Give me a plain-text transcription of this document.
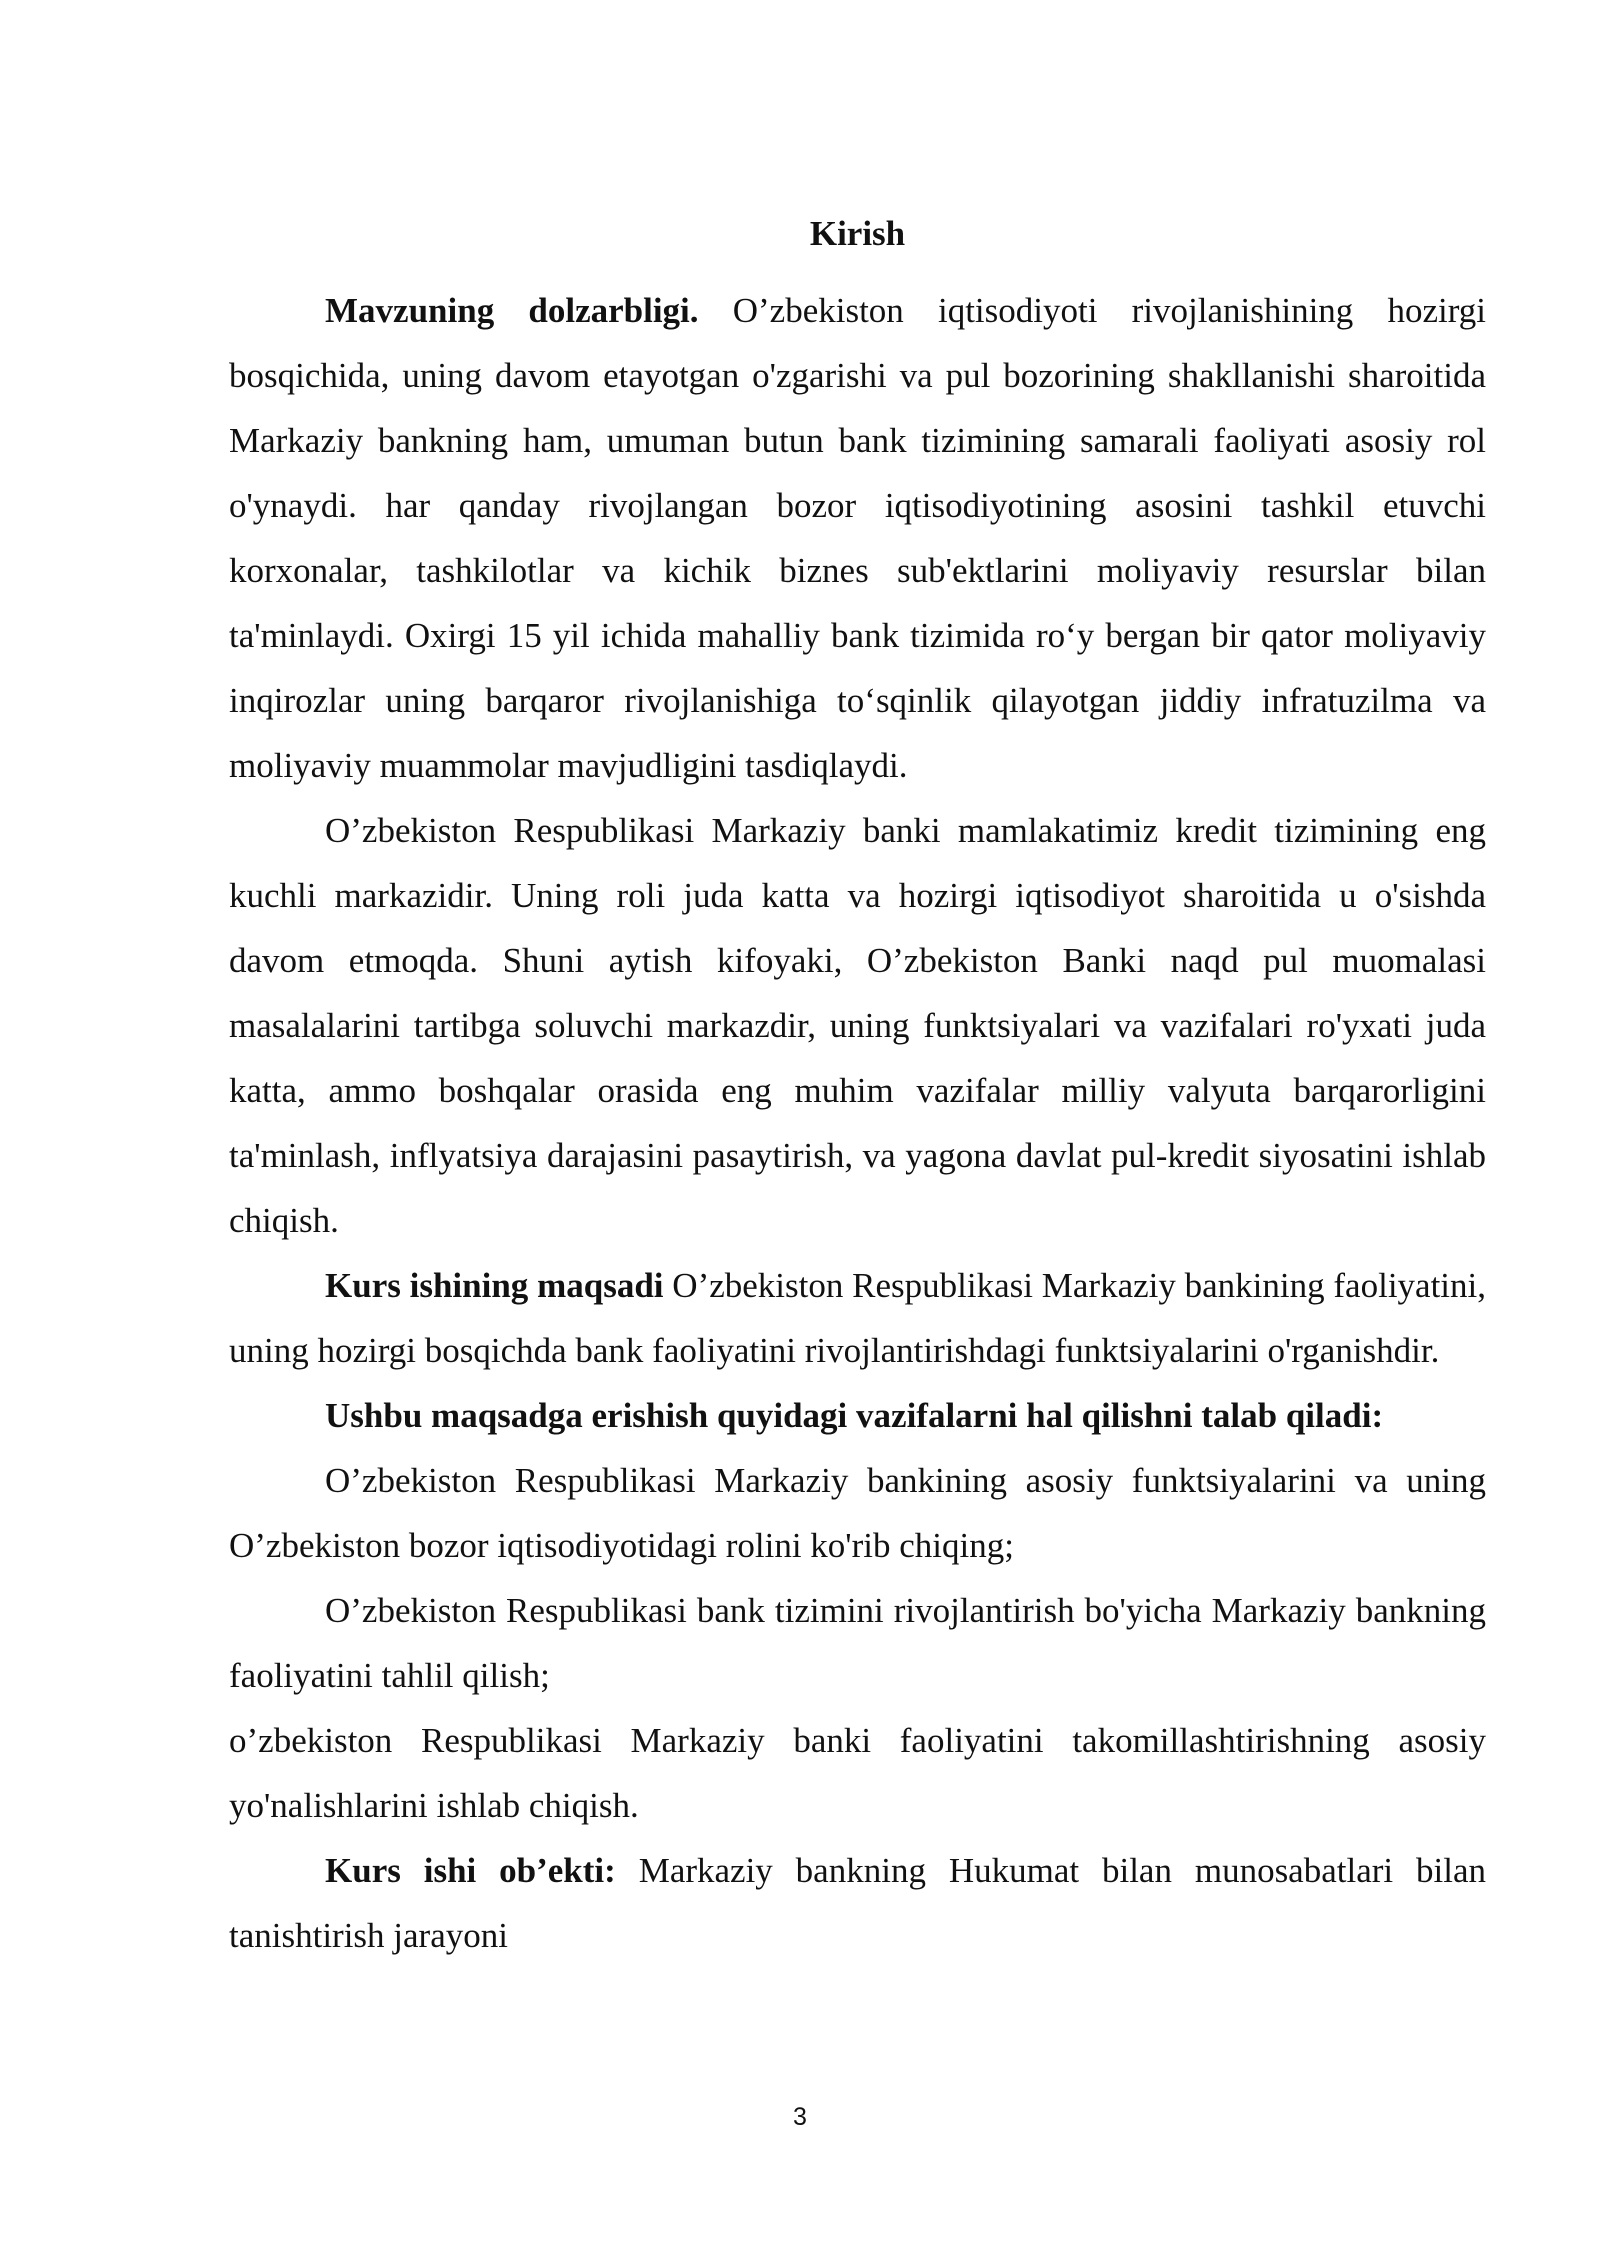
Kirish

Mavzuning dolzarbligi. O’zbekiston iqtisodiyoti rivojlanishining hozirgi bosqichida, uning davom etayotgan o'zgarishi va pul bozorining shakllanishi sharoitida Markaziy bankning ham, umuman butun bank tizimining samarali faoliyati asosiy rol o'ynaydi. har qanday rivojlangan bozor iqtisodiyotining asosini tashkil etuvchi korxonalar, tashkilotlar va kichik biznes sub'ektlarini moliyaviy resurslar bilan ta'minlaydi. Oxirgi 15 yil ichida mahalliy bank tizimida ro‘y bergan bir qator moliyaviy inqirozlar uning barqaror rivojlanishiga to‘sqinlik qilayotgan jiddiy infratuzilma va moliyaviy muammolar mavjudligini tasdiqlaydi.

O’zbekiston Respublikasi Markaziy banki mamlakatimiz kredit tizimining eng kuchli markazidir. Uning roli juda katta va hozirgi iqtisodiyot sharoitida u o'sishda davom etmoqda. Shuni aytish kifoyaki, O’zbekiston Banki naqd pul muomalasi masalalarini tartibga soluvchi markazdir, uning funktsiyalari va vazifalari ro'yxati juda katta, ammo boshqalar orasida eng muhim vazifalar milliy valyuta barqarorligini ta'minlash, inflyatsiya darajasini pasaytirish, va yagona davlat pul-kredit siyosatini ishlab chiqish.

Kurs ishining maqsadi O’zbekiston Respublikasi Markaziy bankining faoliyatini, uning hozirgi bosqichda bank faoliyatini rivojlantirishdagi funktsiyalarini o'rganishdir.

Ushbu maqsadga erishish quyidagi vazifalarni hal qilishni talab qiladi:

O’zbekiston Respublikasi Markaziy bankining asosiy funktsiyalarini va uning O’zbekiston bozor iqtisodiyotidagi rolini ko'rib chiqing;

O’zbekiston Respublikasi bank tizimini rivojlantirish bo'yicha Markaziy bankning faoliyatini tahlil qilish;

o’zbekiston Respublikasi Markaziy banki faoliyatini takomillashtirishning asosiy yo'nalishlarini ishlab chiqish.

Kurs ishi ob’ekti: Markaziy bankning Hukumat bilan munosabatlari bilan tanishtirish jarayoni

3
